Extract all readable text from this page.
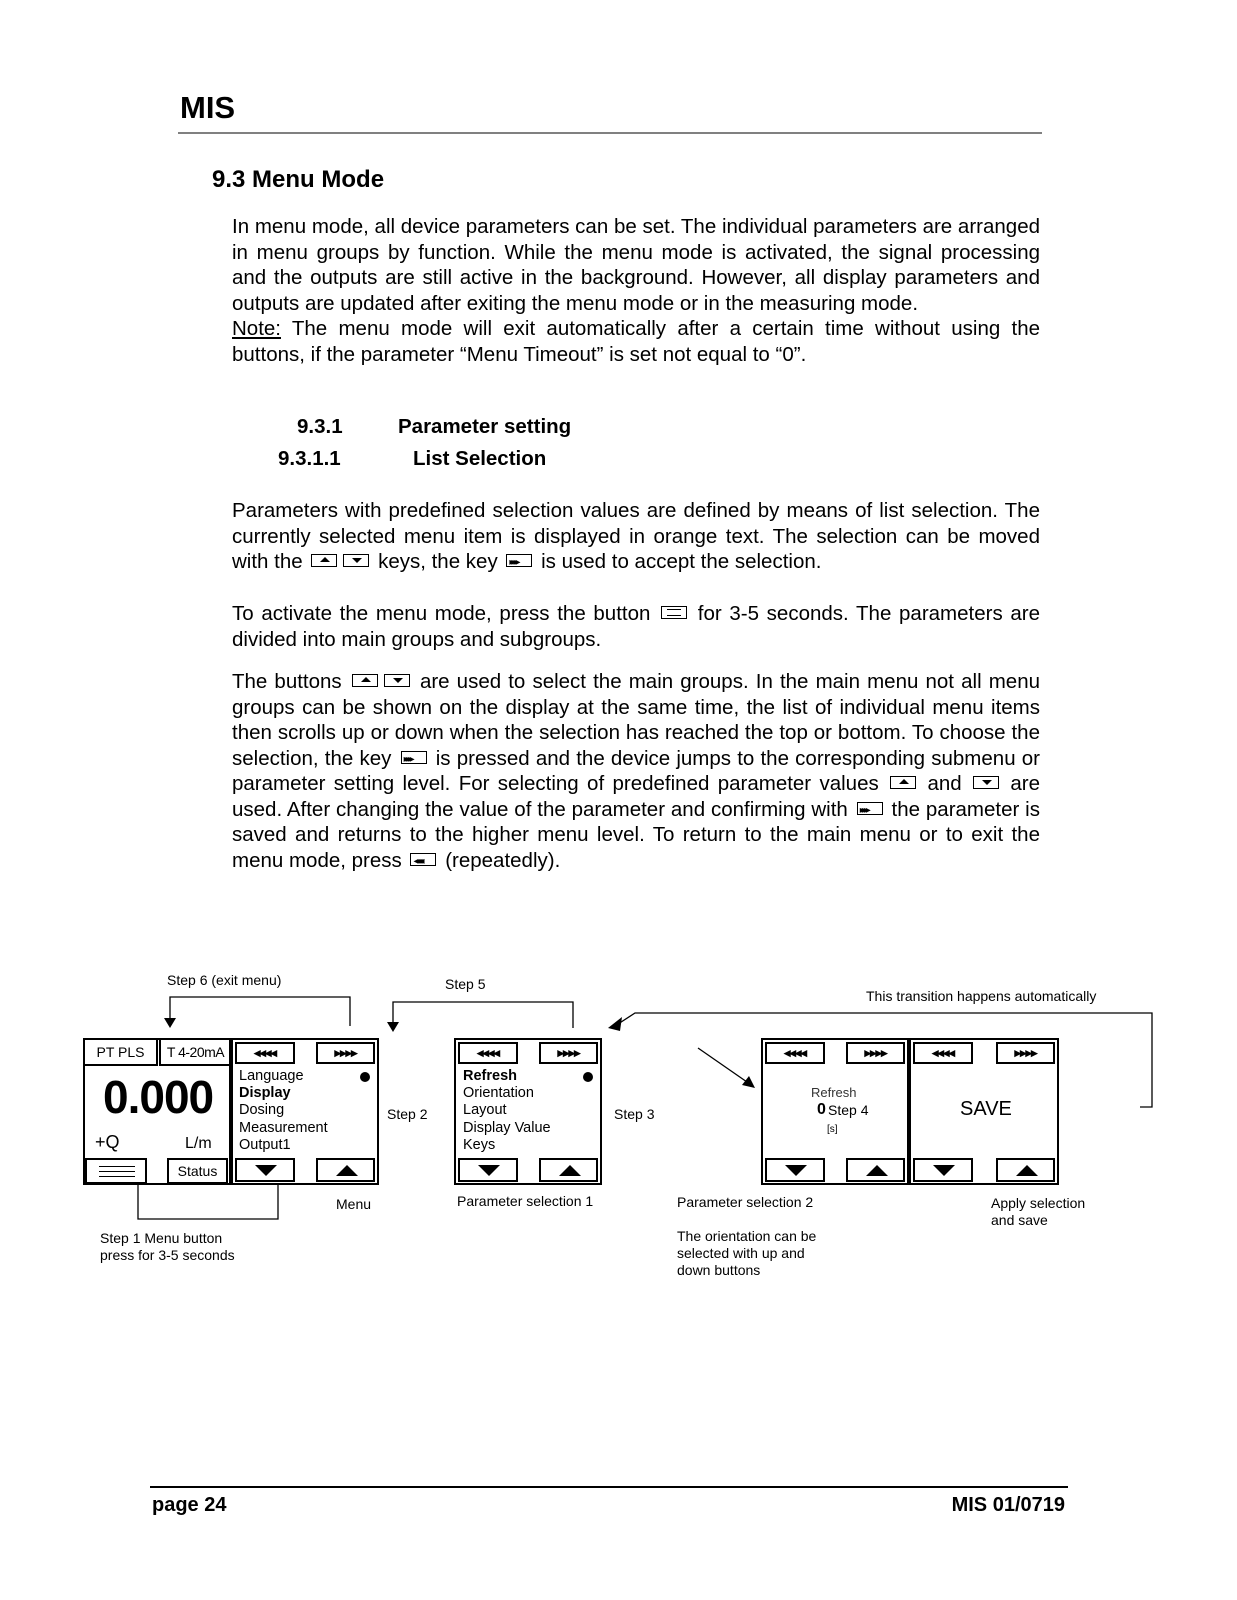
MIS
9.3 Menu Mode
In menu mode, all device parameters can be set. The individual parameters are arranged in menu groups by function. While the menu mode is activated, the signal processing and the outputs are still active in the background. However, all display parameters and outputs are updated after exiting the menu mode or in the measuring mode.
Note: The menu mode will exit automatically after a certain time without using the buttons, if the parameter “Menu Timeout” is set not equal to “0”.
9.3.1	Parameter setting
9.3.1.1	List Selection
Parameters with predefined selection values are defined by means of list selection. The currently selected menu item is displayed in orange text. The selection can be moved with the	keys, the key ▸▸▸▸ is used to accept the selection.
To activate the menu mode, press the button for 3-5 seconds. The parameters are divided into main groups and subgroups.
The buttons	are used to select the main groups. In the main menu not all menu groups can be shown on the display at the same time, the list of individual menu items then scrolls up or down when the selection has reached the top or bottom. To choose the selection, the key ▸▸▸▸ is pressed and the device jumps to the corresponding submenu or parameter setting level. For selecting of predefined parameter values and are used. After changing the value of the parameter and confirming with ▸▸▸▸ the parameter is saved and returns to the higher menu level. To return to the main menu or to exit the menu mode, press ◂◂◂◂ (repeatedly).
Step 6 (exit menu)	Step 5
This transition happens automatically
Step 2	Step 3
Menu	Parameter selection 1	Parameter selection 2
The orientation can be
selected with up and
down buttons
Apply selection
and save
Step 1 Menu button
press for 3-5 seconds
PT PLS	T 4-20mA
0.000
+Q	L/m
Status
◂◂◂◂	▸▸▸▸
Language
Display
Dosing
Measurement
Output1
◂◂◂◂	▸▸▸▸
Refresh
Orientation
Layout
Display Value
Keys
◂◂◂◂	▸▸▸▸
Refresh
0 Step 4
[s]
◂◂◂◂	▸▸▸▸
SAVE
page 24	MIS 01/0719
